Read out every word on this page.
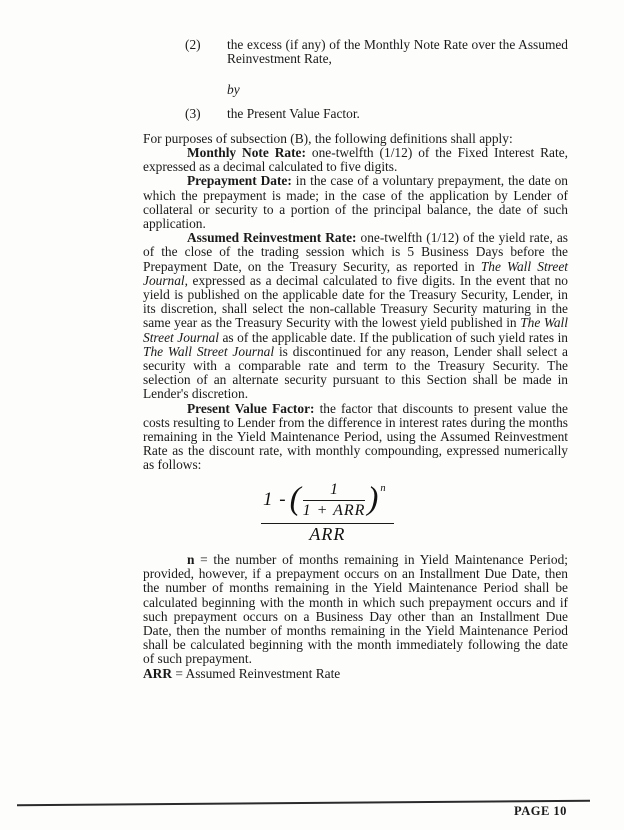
(2)	the excess (if any) of the Monthly Note Rate over the Assumed Reinvestment Rate,
by
(3)	the Present Value Factor.

For purposes of subsection (B), the following definitions shall apply:

Monthly Note Rate: one-twelfth (1/12) of the Fixed Interest Rate, expressed as a decimal calculated to five digits.

Prepayment Date: in the case of a voluntary prepayment, the date on which the prepayment is made; in the case of the application by Lender of collateral or security to a portion of the principal balance, the date of such application.

Assumed Reinvestment Rate: one-twelfth (1/12) of the yield rate, as of the close of the trading session which is 5 Business Days before the Prepayment Date, on the Treasury Security, as reported in The Wall Street Journal, expressed as a decimal calculated to five digits. In the event that no yield is published on the applicable date for the Treasury Security, Lender, in its discretion, shall select the non-callable Treasury Security maturing in the same year as the Treasury Security with the lowest yield published in The Wall Street Journal as of the applicable date. If the publication of such yield rates in The Wall Street Journal is discontinued for any reason, Lender shall select a security with a comparable rate and term to the Treasury Security. The selection of an alternate security pursuant to this Section shall be made in Lender's discretion.

Present Value Factor: the factor that discounts to present value the costs resulting to Lender from the difference in interest rates during the months remaining in the Yield Maintenance Period, using the Assumed Reinvestment Rate as the discount rate, with monthly compounding, expressed numerically as follows:

1 - (	1
1 + ARR ) n
ARR

n = the number of months remaining in Yield Maintenance Period; provided, however, if a prepayment occurs on an Installment Due Date, then the number of months remaining in the Yield Maintenance Period shall be calculated beginning with the month in which such prepayment occurs and if such prepayment occurs on a Business Day other than an Installment Due Date, then the number of months remaining in the Yield Maintenance Period shall be calculated beginning with the month immediately following the date of such prepayment.

ARR = Assumed Reinvestment Rate

PAGE 10
